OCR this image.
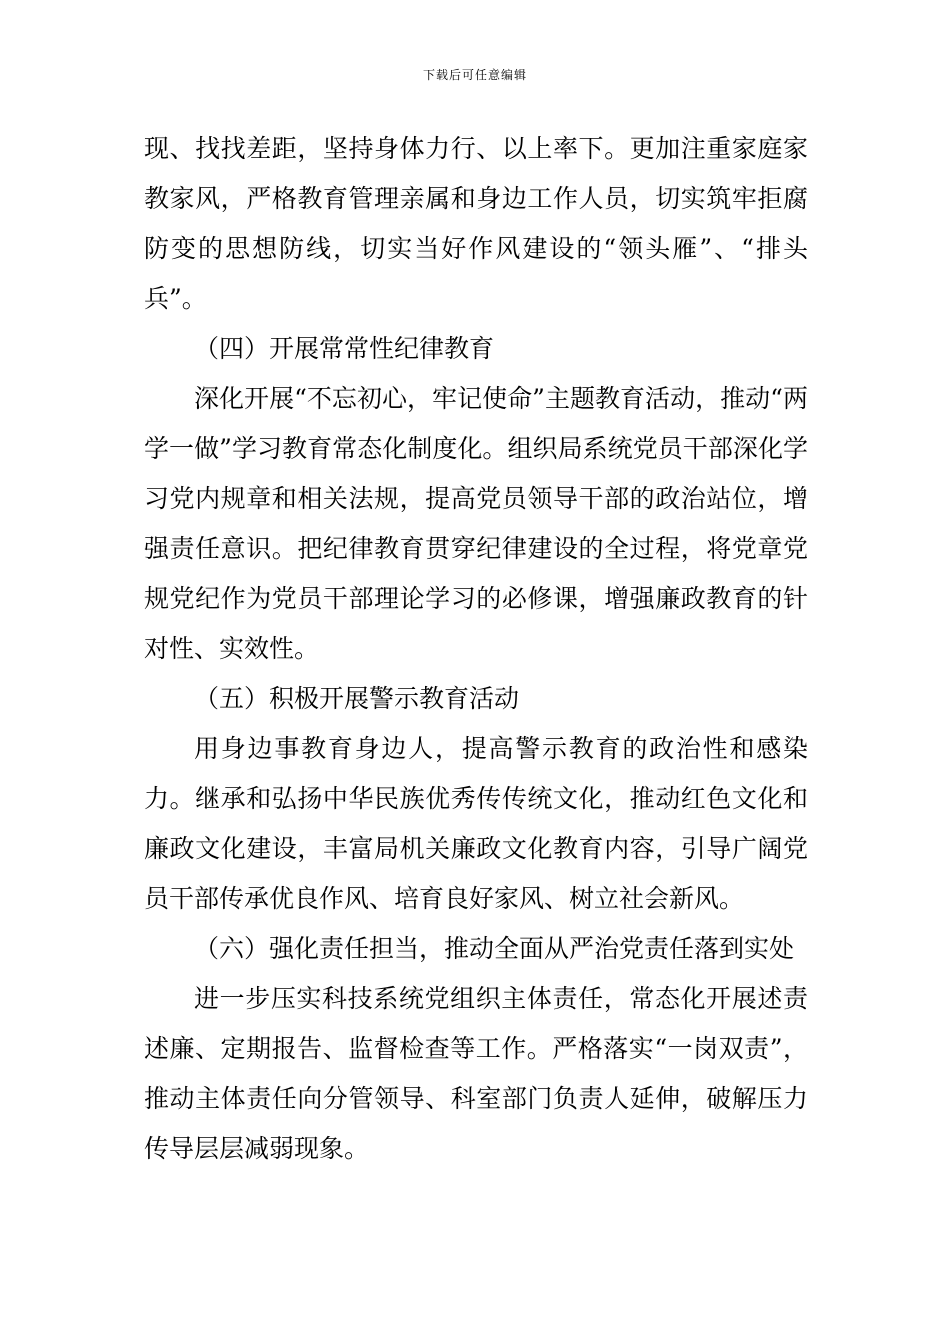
下载后可任意编辑

现、找找差距，坚持身体力行、以上率下。更加注重家庭家教家风，严格教育管理亲属和身边工作人员，切实筑牢拒腐防变的思想防线，切实当好作风建设的“领头雁”、“排头兵”。

（四）开展常常性纪律教育

深化开展“不忘初心，牢记使命”主题教育活动，推动“两学一做”学习教育常态化制度化。组织局系统党员干部深化学习党内规章和相关法规，提高党员领导干部的政治站位，增强责任意识。把纪律教育贯穿纪律建设的全过程，将党章党规党纪作为党员干部理论学习的必修课，增强廉政教育的针对性、实效性。

（五）积极开展警示教育活动

用身边事教育身边人，提高警示教育的政治性和感染力。继承和弘扬中华民族优秀传传统文化，推动红色文化和廉政文化建设，丰富局机关廉政文化教育内容，引导广阔党员干部传承优良作风、培育良好家风、树立社会新风。

（六）强化责任担当，推动全面从严治党责任落到实处

进一步压实科技系统党组织主体责任，常态化开展述责述廉、定期报告、监督检查等工作。严格落实“一岗双责”，推动主体责任向分管领导、科室部门负责人延伸，破解压力传导层层减弱现象。
